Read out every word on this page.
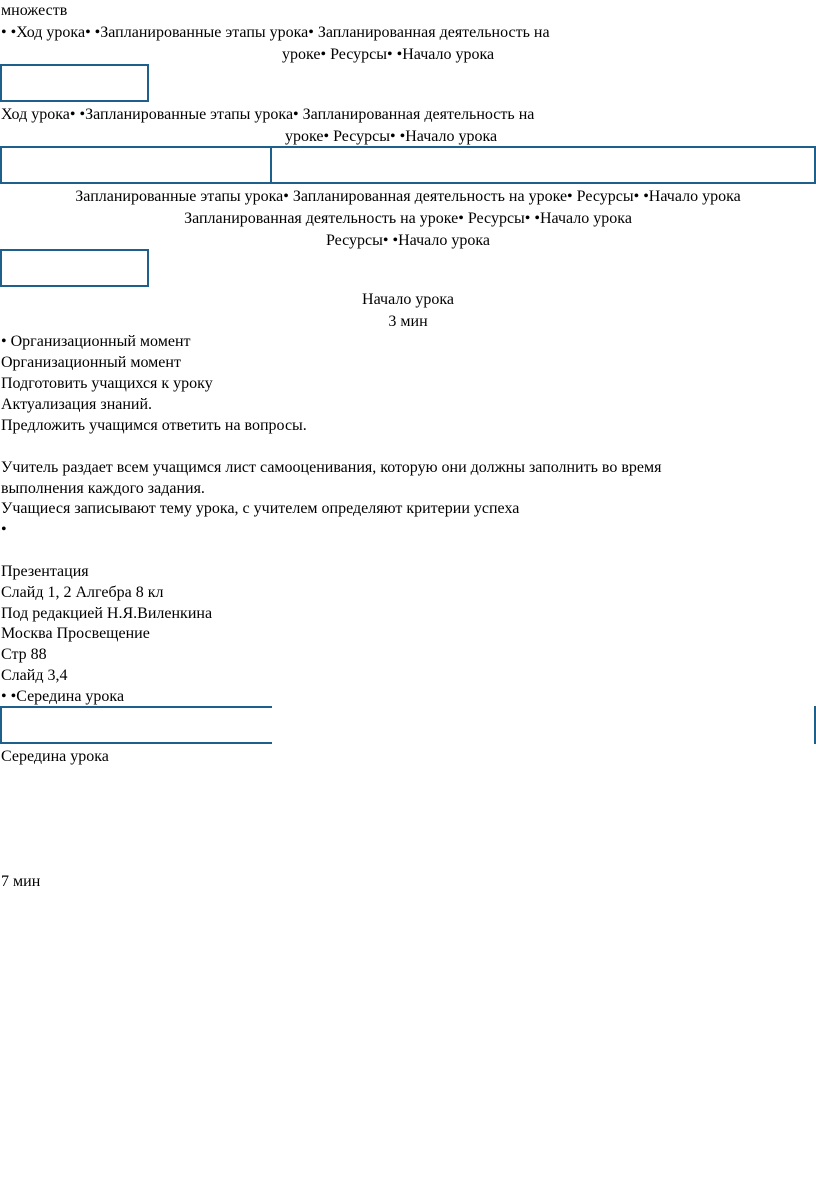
множеств
• •Ход урока• •Запланированные этапы урока• Запланированная деятельность на
уроке• Ресурсы• •Начало урока
Ход урока• •Запланированные этапы урока• Запланированная деятельность на
уроке• Ресурсы• •Начало урока
Запланированные этапы урока• Запланированная деятельность на уроке• Ресурсы• •Начало урока
Запланированная деятельность на уроке• Ресурсы• •Начало урока
Ресурсы• •Начало урока
Начало урока
3 мин
• Организационный момент
Организационный момент
Подготовить учащихся к уроку
Актуализация знаний.
Предложить учащимся ответить на вопросы.
Учитель раздает всем учащимся лист самооценивания, которую они должны заполнить во время
выполнения каждого задания.
Учащиеся записывают тему урока, с учителем определяют критерии успеха
•
Презентация
Слайд 1, 2 Алгебра 8 кл
Под редакцией Н.Я.Виленкина
Москва Просвещение
Стр 88
Слайд 3,4
• •Середина урока
Середина урока
7 мин
